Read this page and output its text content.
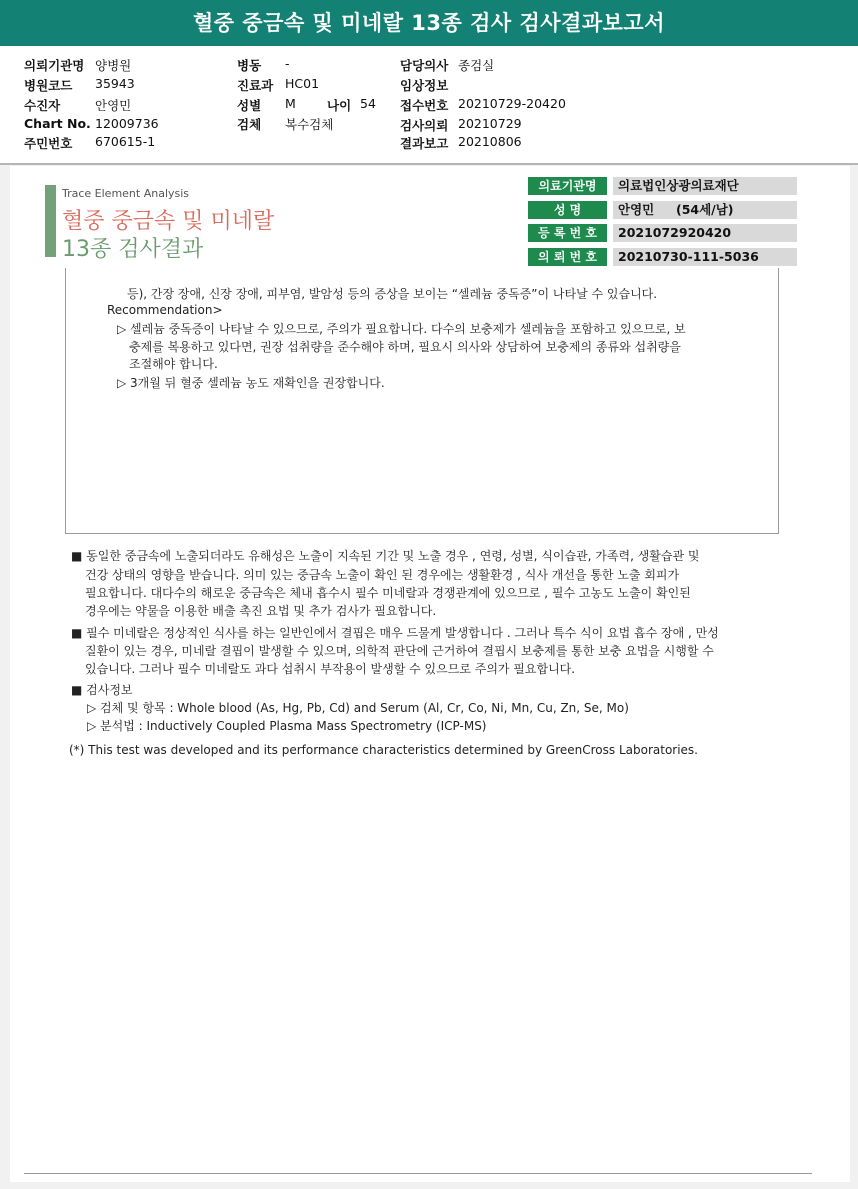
혈중 중금속 및 미네랄 13종 검사 검사결과보고서
의뢰기관명 양병원
병원코드 35943
수진자	안영민
Chart No. 12009736
주민번호 670615-1
병동 -
진료과 HC01
성별 M 나이 54
검체 복수검체
담당의사 종검실
임상정보
접수번호 20210729-20420
검사의뢰 20210729
결과보고 20210806
Trace Element Analysis
혈중 중금속 및 미네랄
13종 검사결과
의료기관명	의료법인상광의료재단
성 명	안영민     (54세/남)
등 록 번 호	2021072920420
의 뢰 번 호	20210730-111-5036
등), 간장 장애, 신장 장애, 피부염, 발암성 등의 증상을 보이는 “셀레늄 중독증”이 나타날 수 있습니다.
Recommendation>
▷ 셀레늄 중독증이 나타날 수 있으므로, 주의가 필요합니다. 다수의 보충제가 셀레늄을 포함하고 있으므로, 보
충제를 복용하고 있다면, 권장 섭취량을 준수해야 하며, 필요시 의사와 상담하여 보충제의 종류와 섭취량을
조절해야 합니다.
▷ 3개월 뒤 혈중 셀레늄 농도 재확인을 권장합니다.
■ 동일한 중금속에 노출되더라도 유해성은 노출이 지속된 기간 및 노출 경우 , 연령, 성별, 식이습관, 가족력, 생활습관 및
건강 상태의 영향을 받습니다. 의미 있는 중금속 노출이 확인 된 경우에는 생활환경 , 식사 개선을 통한 노출 회피가
필요합니다. 대다수의 해로운 중금속은 체내 흡수시 필수 미네랄과 경쟁관계에 있으므로 , 필수 고농도 노출이 확인된
경우에는 약물을 이용한 배출 촉진 요법 및 추가 검사가 필요합니다.
■ 필수 미네랄은 정상적인 식사를 하는 일반인에서 결핍은 매우 드물게 발생합니다 . 그러나 특수 식이 요법 흡수 장애 , 만성
질환이 있는 경우, 미네랄 결핍이 발생할 수 있으며, 의학적 판단에 근거하여 결핍시 보충제를 통한 보충 요법을 시행할 수
있습니다. 그러나 필수 미네랄도 과다 섭취시 부작용이 발생할 수 있으므로 주의가 필요합니다.
■ 검사정보
▷ 검체 및 항목 : Whole blood (As, Hg, Pb, Cd) and Serum (Al, Cr, Co, Ni, Mn, Cu, Zn, Se, Mo)
▷ 분석법 : Inductively Coupled Plasma Mass Spectrometry (ICP-MS)
(*) This test was developed and its performance characteristics determined by GreenCross Laboratories.
